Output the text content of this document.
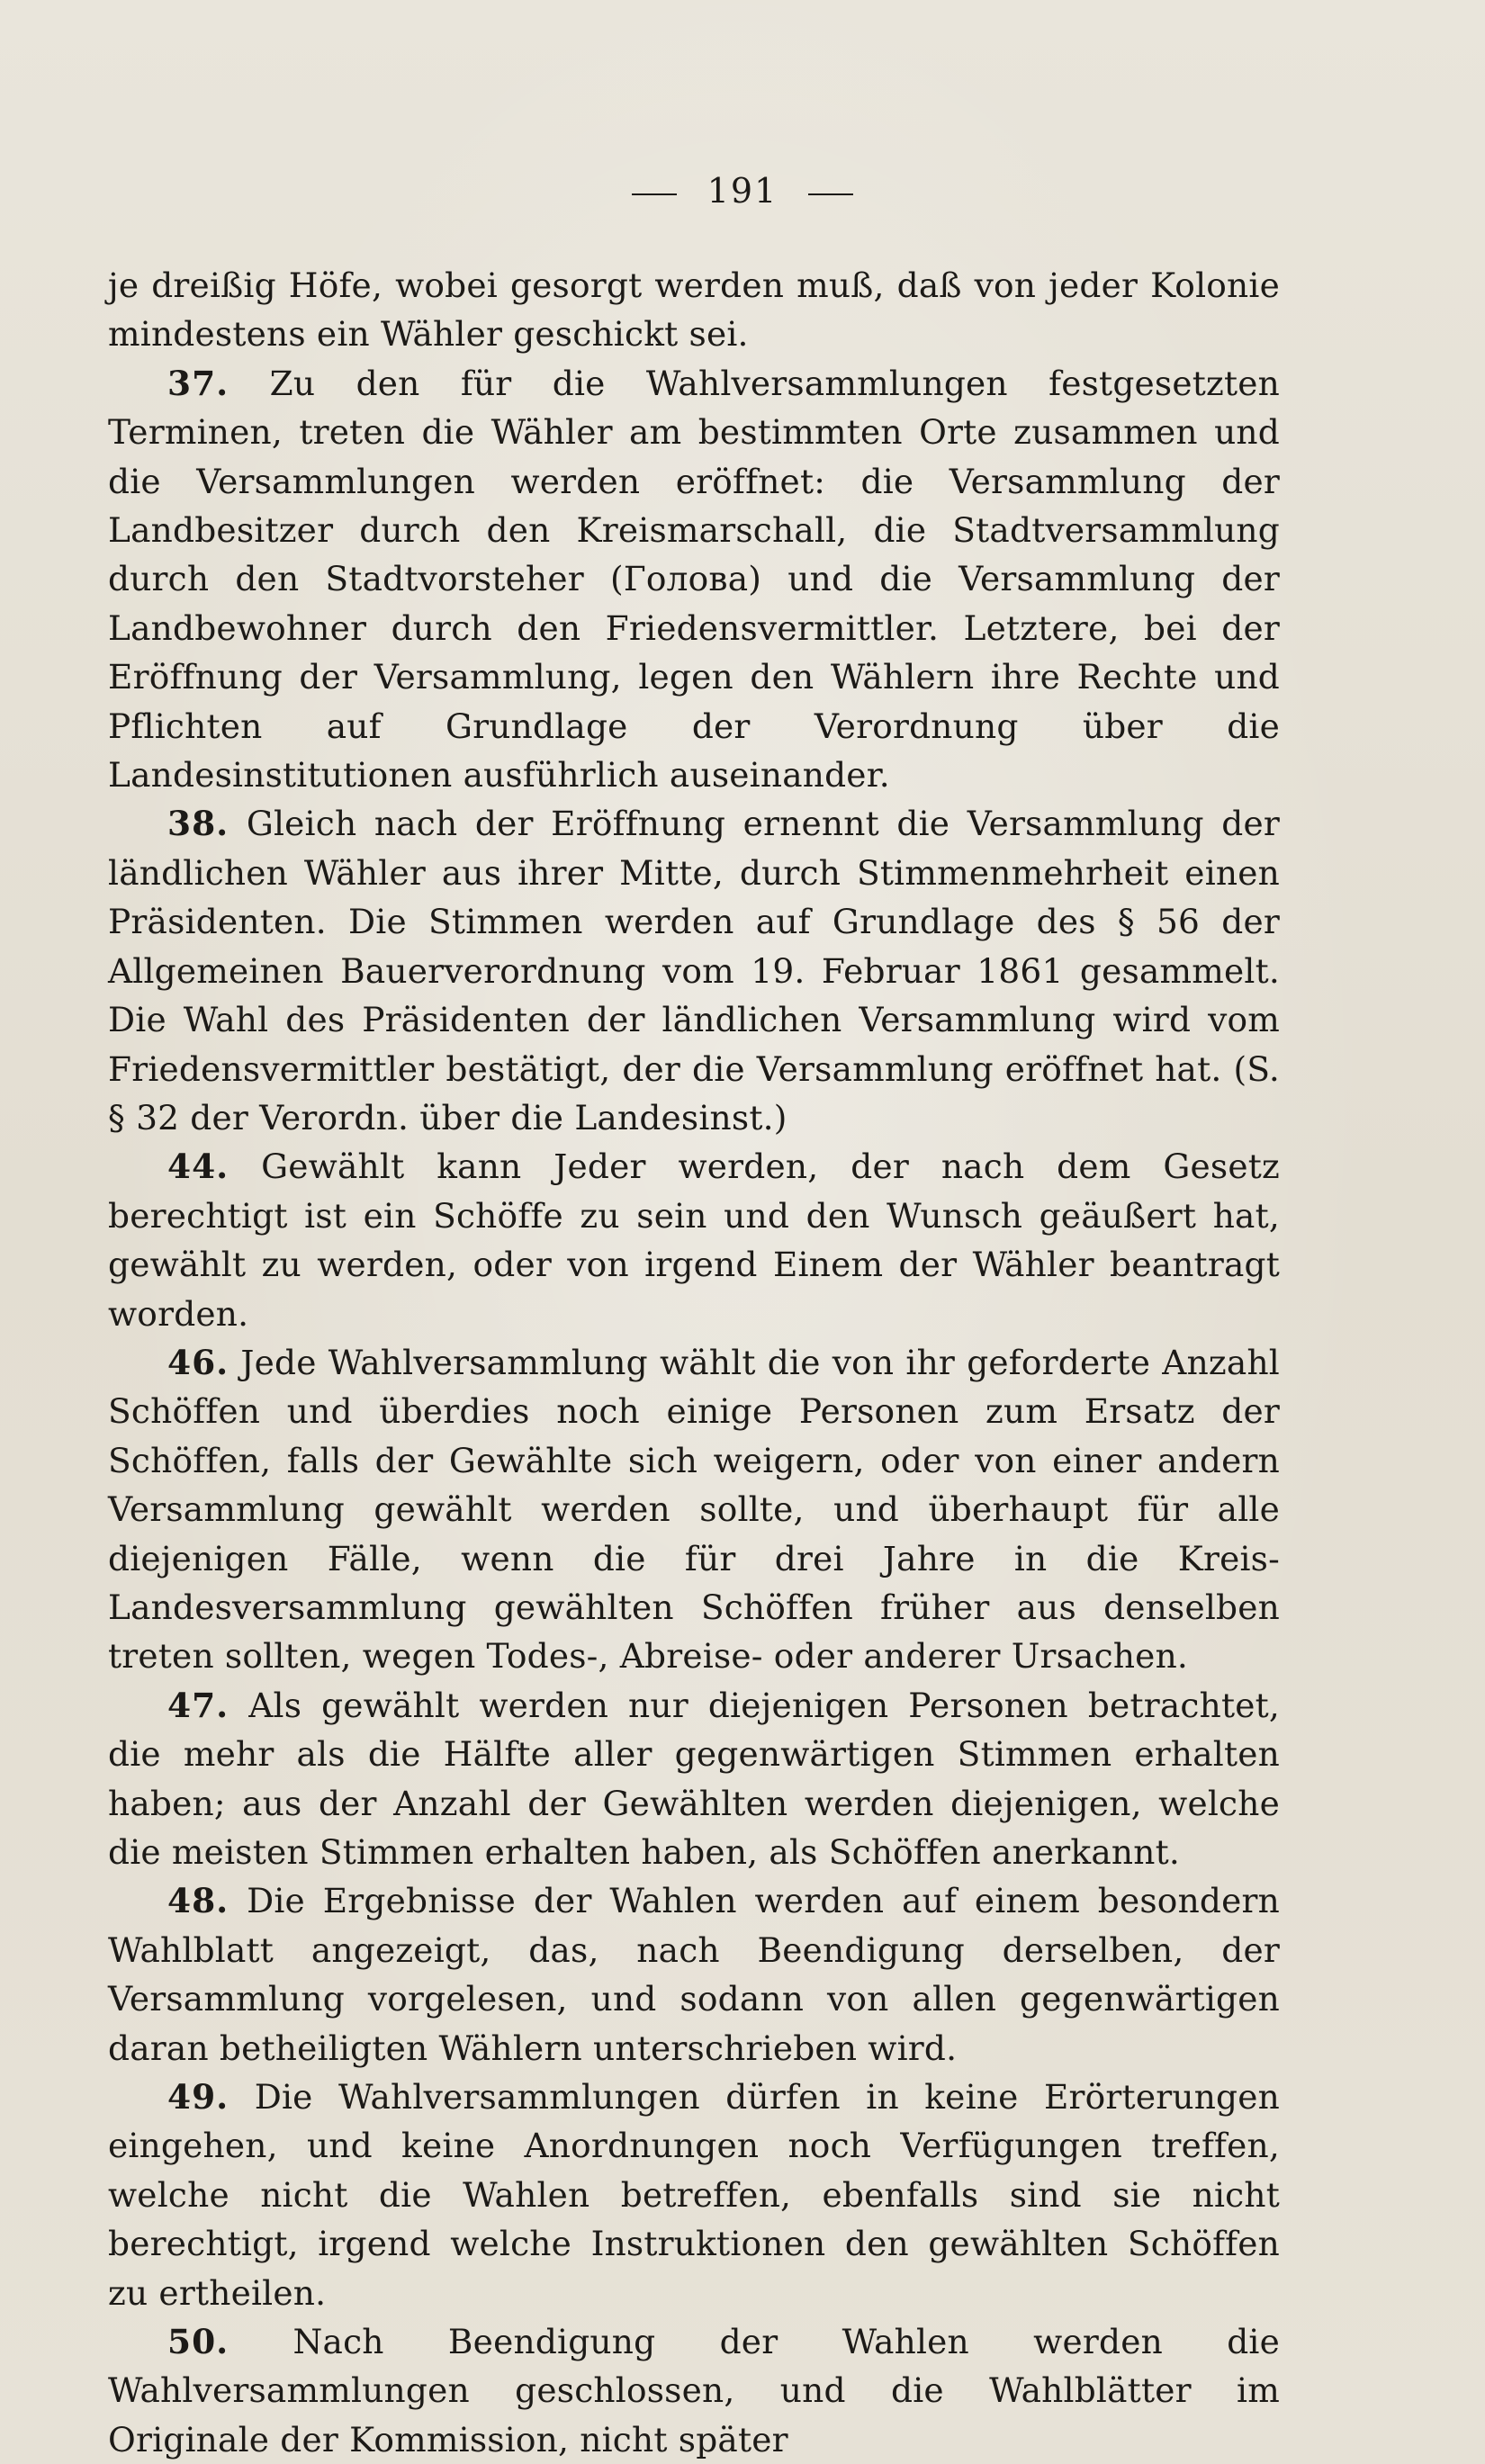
191

je dreißig Höfe, wobei gesorgt werden muß, daß von jeder Kolonie mindestens ein Wähler geschickt sei.

37. Zu den für die Wahlversammlungen festgesetzten Terminen, treten die Wähler am bestimmten Orte zusammen und die Versammlungen werden eröffnet: die Versammlung der Landbesitzer durch den Kreismarschall, die Stadtversammlung durch den Stadtvorsteher (Голова) und die Versammlung der Landbewohner durch den Friedensvermittler. Letztere, bei der Eröffnung der Versammlung, legen den Wählern ihre Rechte und Pflichten auf Grundlage der Verordnung über die Landesinstitutionen ausführlich auseinander.

38. Gleich nach der Eröffnung ernennt die Versammlung der ländlichen Wähler aus ihrer Mitte, durch Stimmenmehrheit einen Präsidenten. Die Stimmen werden auf Grundlage des § 56 der Allgemeinen Bauerverordnung vom 19. Februar 1861 gesammelt. Die Wahl des Präsidenten der ländlichen Versammlung wird vom Friedensvermittler bestätigt, der die Versammlung eröffnet hat. (S. § 32 der Verordn. über die Landesinst.)

44. Gewählt kann Jeder werden, der nach dem Gesetz berechtigt ist ein Schöffe zu sein und den Wunsch geäußert hat, gewählt zu werden, oder von irgend Einem der Wähler beantragt worden.

46. Jede Wahlversammlung wählt die von ihr geforderte Anzahl Schöffen und überdies noch einige Personen zum Ersatz der Schöffen, falls der Gewählte sich weigern, oder von einer andern Versammlung gewählt werden sollte, und überhaupt für alle diejenigen Fälle, wenn die für drei Jahre in die Kreis-Landesversammlung gewählten Schöffen früher aus denselben treten sollten, wegen Todes-, Abreise- oder anderer Ursachen.

47. Als gewählt werden nur diejenigen Personen betrachtet, die mehr als die Hälfte aller gegenwärtigen Stimmen erhalten haben; aus der Anzahl der Gewählten werden diejenigen, welche die meisten Stimmen erhalten haben, als Schöffen anerkannt.

48. Die Ergebnisse der Wahlen werden auf einem besondern Wahlblatt angezeigt, das, nach Beendigung derselben, der Versammlung vorgelesen, und sodann von allen gegenwärtigen daran betheiligten Wählern unterschrieben wird.

49. Die Wahlversammlungen dürfen in keine Erörterungen eingehen, und keine Anordnungen noch Verfügungen treffen, welche nicht die Wahlen betreffen, ebenfalls sind sie nicht berechtigt, irgend welche Instruktionen den gewählten Schöffen zu ertheilen.

50. Nach Beendigung der Wahlen werden die Wahlversammlungen geschlossen, und die Wahlblätter im Originale der Kommission, nicht später
